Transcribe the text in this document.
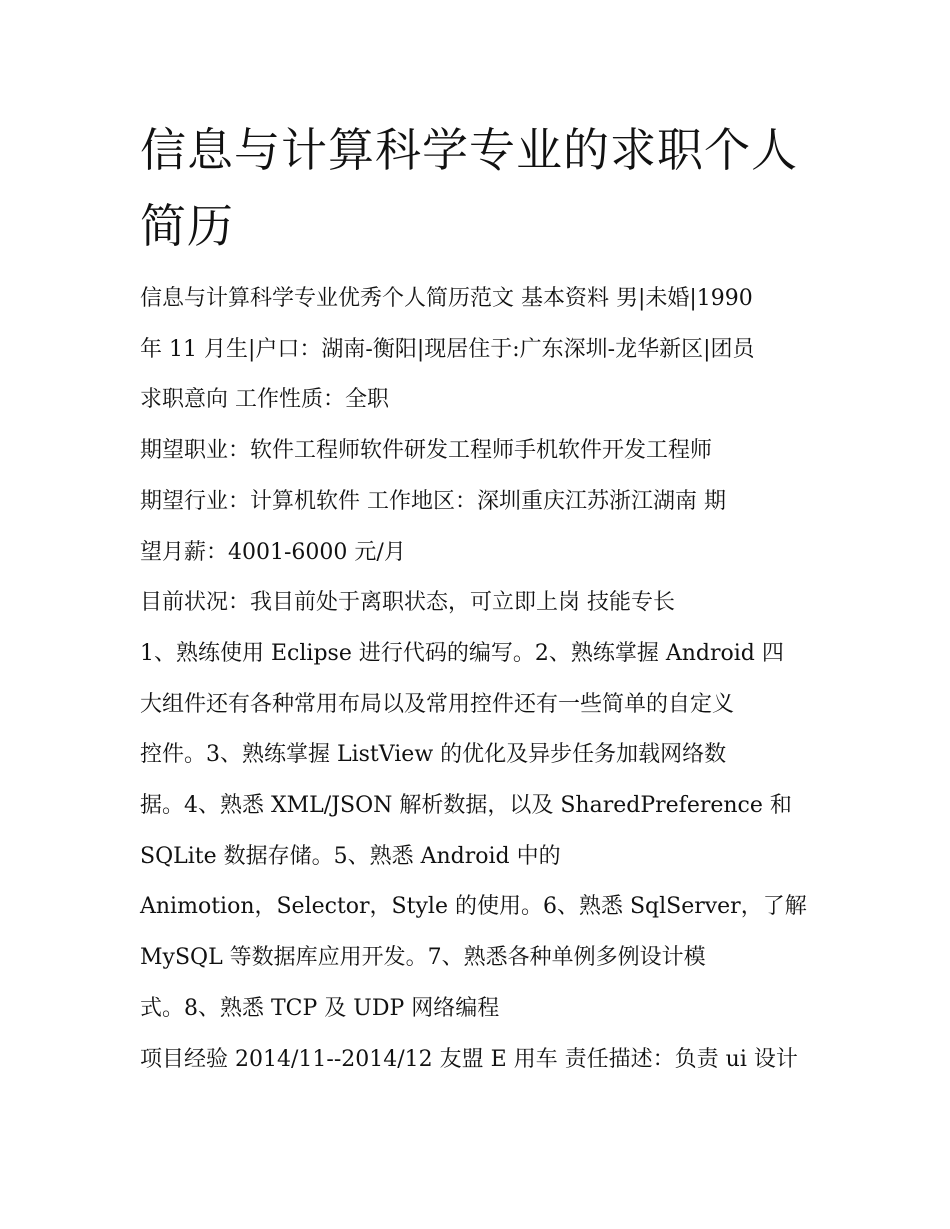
信息与计算科学专业的求职个人简历

信息与计算科学专业优秀个人简历范文 基本资料 男|未婚|1990

年 11 月生|户口：湖南-衡阳|现居住于:广东深圳-龙华新区|团员

求职意向 工作性质：全职

期望职业：软件工程师软件研发工程师手机软件开发工程师

期望行业：计算机软件 工作地区：深圳重庆江苏浙江湖南 期

望月薪：4001-6000 元/月

目前状况：我目前处于离职状态，可立即上岗 技能专长

1、熟练使用 Eclipse 进行代码的编写。2、熟练掌握 Android 四

大组件还有各种常用布局以及常用控件还有一些简单的自定义

控件。3、熟练掌握 ListView 的优化及异步任务加载网络数

据。4、熟悉 XML/JSON 解析数据，以及 SharedPreference 和

SQLite 数据存储。5、熟悉 Android 中的

Animotion，Selector，Style 的使用。6、熟悉 SqlServer，了解

MySQL 等数据库应用开发。7、熟悉各种单例多例设计模

式。8、熟悉 TCP 及 UDP 网络编程

项目经验 2014/11--2014/12 友盟 E 用车 责任描述：负责 ui 设计
